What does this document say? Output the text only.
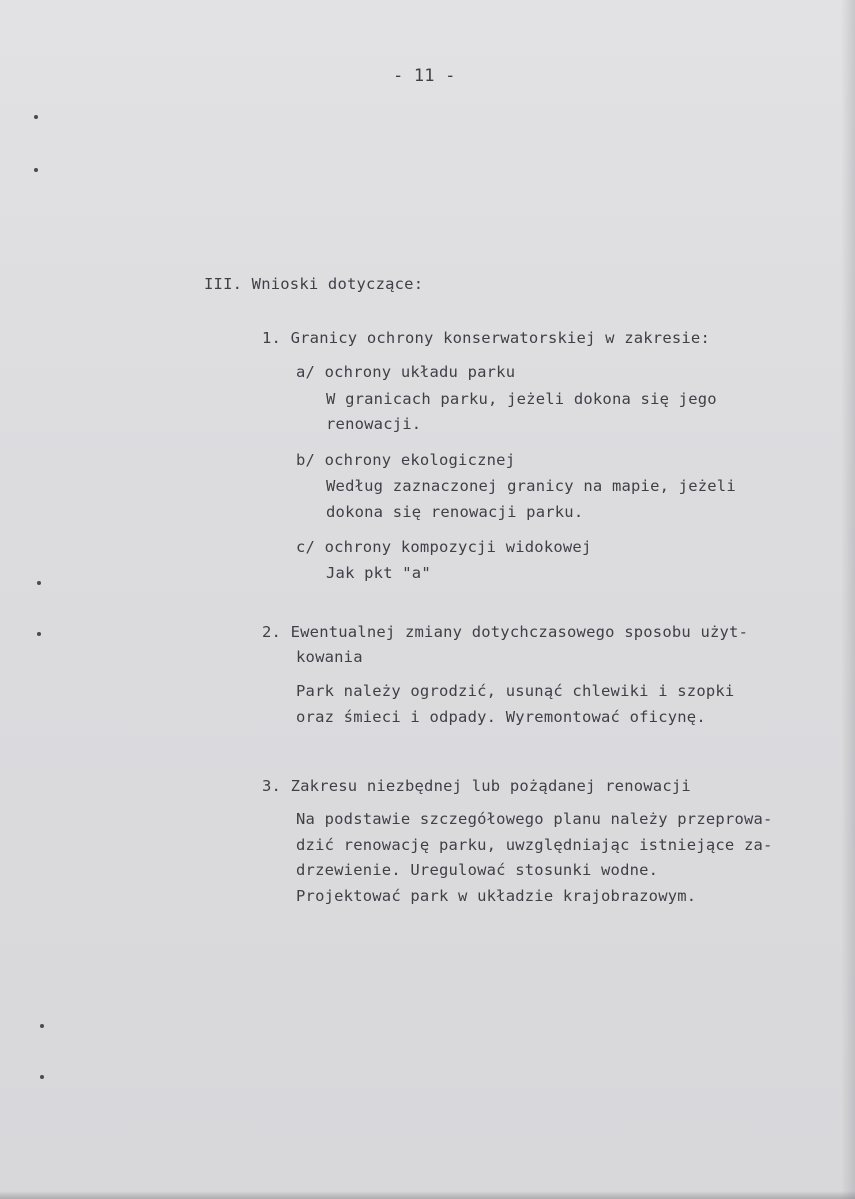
- 11 -
III. Wnioski dotyczące:
1. Granicy ochrony konserwatorskiej w zakresie:
a/ ochrony układu parku
W granicach parku, jeżeli dokona się jego
renowacji.
b/ ochrony ekologicznej
Według zaznaczonej granicy na mapie, jeżeli
dokona się renowacji parku.
c/ ochrony kompozycji widokowej
Jak pkt "a"
2. Ewentualnej zmiany dotychczasowego sposobu użyt-
kowania
Park należy ogrodzić, usunąć chlewiki i szopki
oraz śmieci i odpady. Wyremontować oficynę.
3. Zakresu niezbędnej lub pożądanej renowacji
Na podstawie szczegółowego planu należy przeprowa-
dzić renowację parku, uwzględniając istniejące za-
drzewienie. Uregulować stosunki wodne.
Projektować park w układzie krajobrazowym.
